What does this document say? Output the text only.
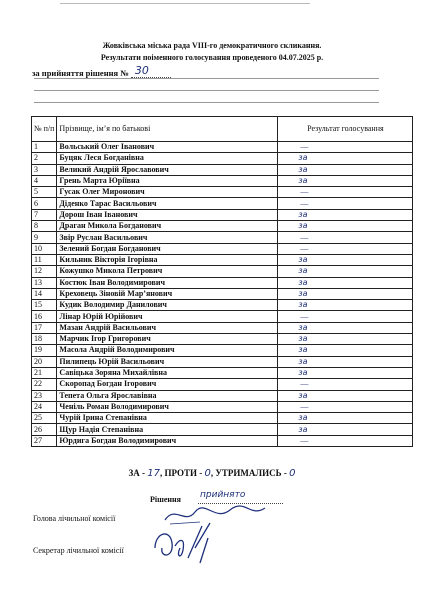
Жовківська міська рада VIII-го демократичного скликання.
Результати поіменного голосування проведеного 04.07.2025 р.
за прийняття рішення № 30
№ п/п	Прізвище, ім’я по батькові	Результат голосування
1	Вольський Олег Іванович	—
2	Буцяк Леся Богданівна	за
3	Великий Андрій Ярославович	за
4	Грень Марта Юріївна	за
5	Гусак Олег Миронович	—
6	Діденко Тарас Васильович	—
7	Дорош Іван Іванович	за
8	Драган Микола Богданович	за
9	Звір Руслан Васильович	—
10	Зелений Богдан Богданович	—
11	Кильник Вікторія Ігорівна	за
12	Кожушко Микола Петрович	за
13	Костюк Іван Володимирович	за
14	Креховець Зіновій Мар’янович	за
15	Кудик Володимир Данилович	за
16	Лінар Юрій Юрійович	—
17	Мазан Андрій Васильович	за
18	Марчик Ігор Григорович	за
19	Масола Андрій Володимирович	за
20	Пилипець Юрій Васильович	за
21	Савіцька Зоряна Михайлівна	за
22	Скоропад Богдан Ігорович	—
23	Тепета Ольга Ярославівна	за
24	Ченіль Роман Володимирович	—
25	Чурій Ірина Степанівна	за
26	Щур Надія Степанівна	за
27	Юрдига Богдан Володимирович	—
ЗА - 17, ПРОТИ - 0, УТРИМАЛИСЬ - 0
Рішення прийнято
Голова лічильної комісії
Секретар лічильної комісії
